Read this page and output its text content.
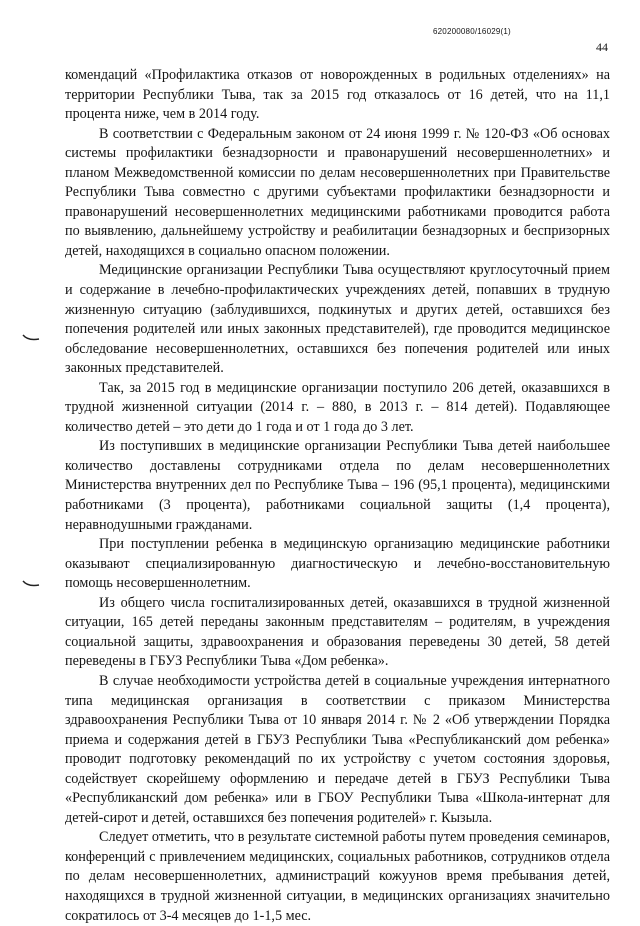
620200080/16029(1)
44

комендаций «Профилактика отказов от новорожденных в родильных отделениях» на территории Республики Тыва, так за 2015 год отказалось от 16 детей, что на 11,1 процента ниже, чем в 2014 году.

В соответствии с Федеральным законом от 24 июня 1999 г. № 120-ФЗ «Об основах системы профилактики безнадзорности и правонарушений несовершеннолетних» и планом Межведомственной комиссии по делам несовершеннолетних при Правительстве Республики Тыва совместно с другими субъектами профилактики безнадзорности и правонарушений несовершеннолетних медицинскими работниками проводится работа по выявлению, дальнейшему устройству и реабилитации безнадзорных и беспризорных детей, находящихся в социально опасном положении.

Медицинские организации Республики Тыва осуществляют круглосуточный прием и содержание в лечебно-профилактических учреждениях детей, попавших в трудную жизненную ситуацию (заблудившихся, подкинутых и других детей, оставшихся без попечения родителей или иных законных представителей), где проводится медицинское обследование несовершеннолетних, оставшихся без попечения родителей или иных законных представителей.

Так, за 2015 год в медицинские организации поступило 206 детей, оказавшихся в трудной жизненной ситуации (2014 г. – 880, в 2013 г. – 814 детей). Подавляющее количество детей – это дети до 1 года и от 1 года до 3 лет.

Из поступивших в медицинские организации Республики Тыва детей наибольшее количество доставлены сотрудниками отдела по делам несовершеннолетних Министерства внутренних дел по Республике Тыва – 196 (95,1 процента), медицинскими работниками (3 процента), работниками социальной защиты (1,4 процента), неравнодушными гражданами.

При поступлении ребенка в медицинскую организацию медицинские работники оказывают специализированную диагностическую и лечебно-восстановительную помощь несовершеннолетним.

Из общего числа госпитализированных детей, оказавшихся в трудной жизненной ситуации, 165 детей переданы законным представителям – родителям, в учреждения социальной защиты, здравоохранения и образования переведены 30 детей, 58 детей переведены в ГБУЗ Республики Тыва «Дом ребенка».

В случае необходимости устройства детей в социальные учреждения интернатного типа медицинская организация в соответствии с приказом Министерства здравоохранения Республики Тыва от 10 января 2014 г. № 2 «Об утверждении Порядка приема и содержания детей в ГБУЗ Республики Тыва «Республиканский дом ребенка» проводит подготовку рекомендаций по их устройству с учетом состояния здоровья, содействует скорейшему оформлению и передаче детей в ГБУЗ Республики Тыва «Республиканский дом ребенка» или в ГБОУ Республики Тыва «Школа-интернат для детей-сирот и детей, оставшихся без попечения родителей» г. Кызыла.

Следует отметить, что в результате системной работы путем проведения семинаров, конференций с привлечением медицинских, социальных работников, сотрудников отдела по делам несовершеннолетних, администраций кожуунов время пребывания детей, находящихся в трудной жизненной ситуации, в медицинских организациях значительно сократилось от 3-4 месяцев до 1-1,5 мес.
